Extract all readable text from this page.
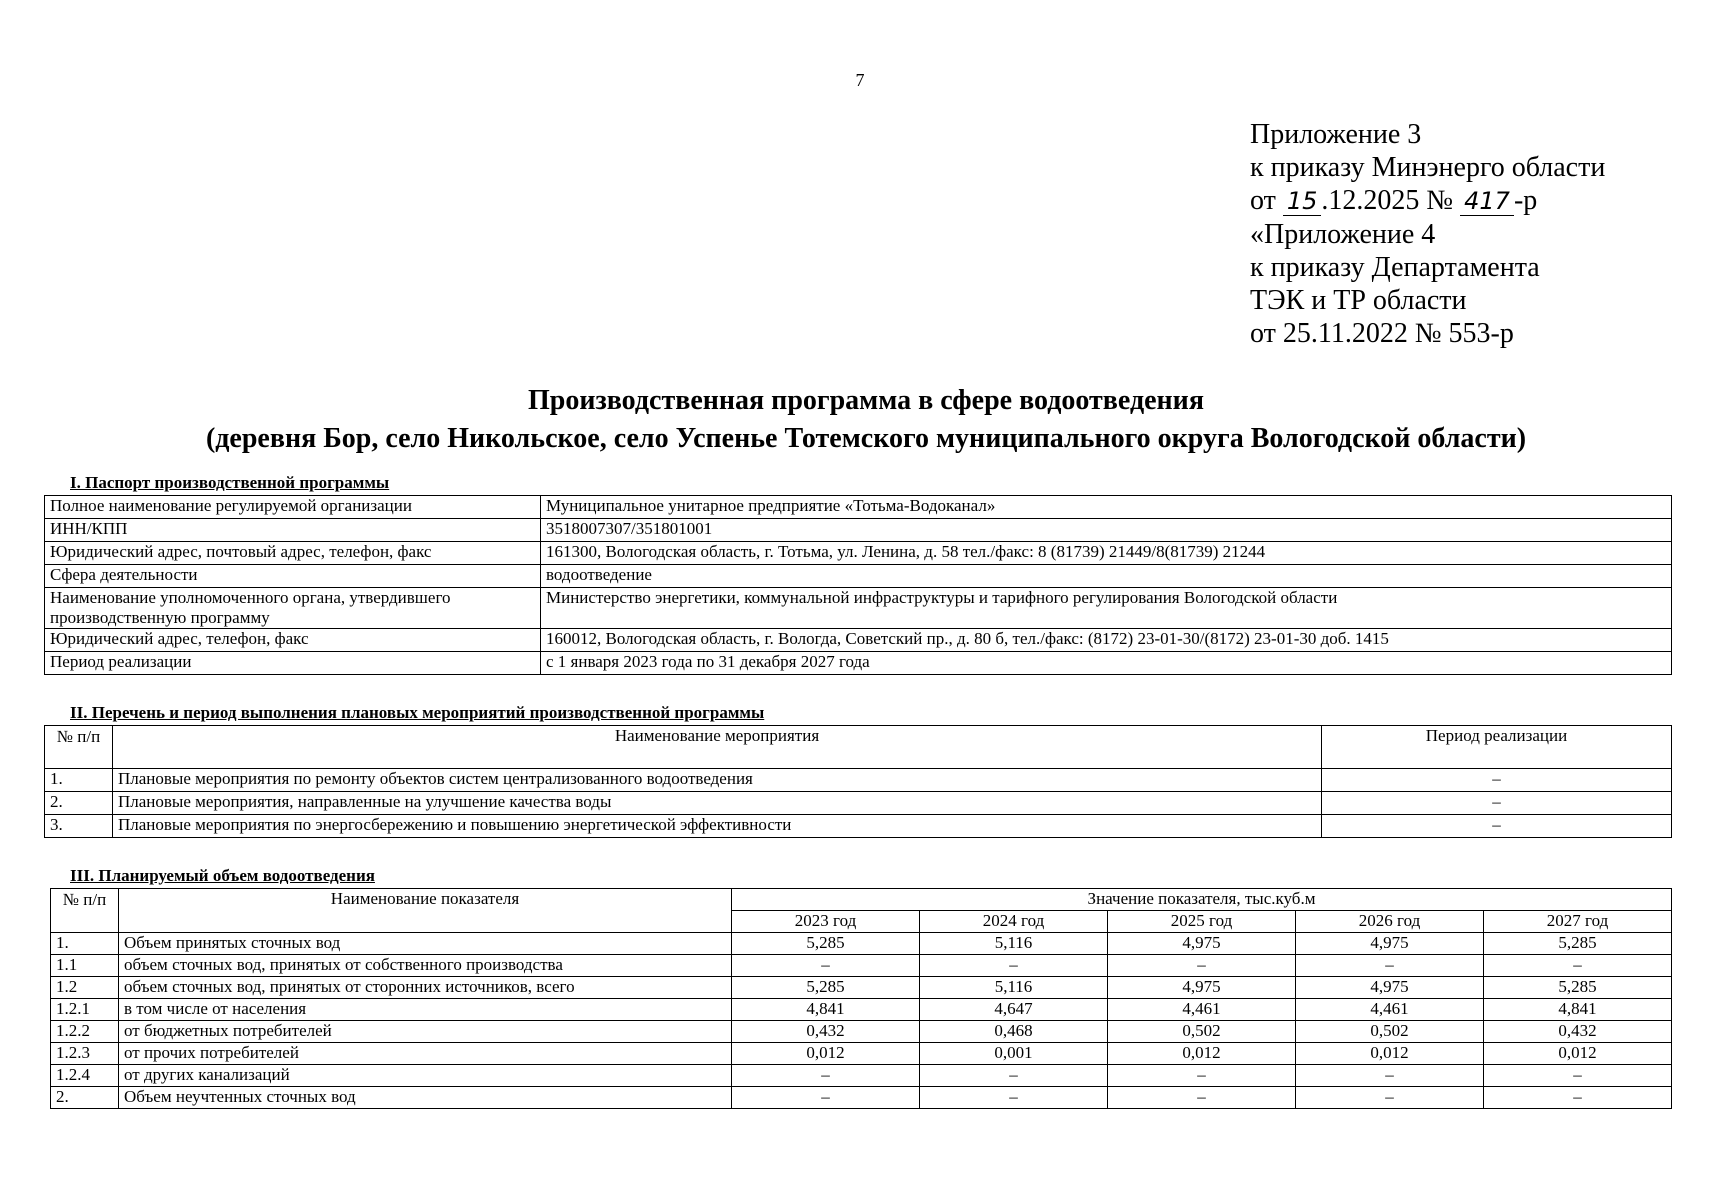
7
Приложение 3
к приказу Минэнерго области
от 15 .12.2025 № 417 -р
«Приложение 4
к приказу Департамента
ТЭК и ТР области
от 25.11.2022 № 553-р
Производственная программа в сфере водоотведения
(деревня Бор, село Никольское, село Успенье Тотемского муниципального округа Вологодской области)
I. Паспорт производственной программы
Полное наименование регулируемой организации	Муниципальное унитарное предприятие «Тотьма-Водоканал»
ИНН/КПП	3518007307/351801001
Юридический адрес, почтовый адрес, телефон, факс	161300, Вологодская область, г. Тотьма, ул. Ленина, д. 58 тел./факс: 8 (81739) 21449/8(81739) 21244
Сфера деятельности	водоотведение
Наименование уполномоченного органа, утвердившего производственную программу	Министерство энергетики, коммунальной инфраструктуры и тарифного регулирования Вологодской области
Юридический адрес, телефон, факс	160012, Вологодская область, г. Вологда, Советский пр., д. 80 б, тел./факс: (8172) 23-01-30/(8172) 23-01-30 доб. 1415
Период реализации	с 1 января 2023 года по 31 декабря 2027 года
II. Перечень и период выполнения плановых мероприятий производственной программы
№ п/п	Наименование мероприятия	Период реализации
1.	Плановые мероприятия по ремонту объектов систем централизованного водоотведения	–
2.	Плановые мероприятия, направленные на улучшение качества воды	–
3.	Плановые мероприятия по энергосбережению и повышению энергетической эффективности	–
III. Планируемый объем водоотведения
№ п/п	Наименование показателя	Значение показателя, тыс.куб.м				
		2023 год	2024 год	2025 год	2026 год	2027 год
1.	Объем принятых сточных вод	5,285	5,116	4,975	4,975	5,285
1.1	объем сточных вод, принятых от собственного производства	–	–	–	–	–
1.2	объем сточных вод, принятых от сторонних источников, всего	5,285	5,116	4,975	4,975	5,285
1.2.1	в том числе от населения	4,841	4,647	4,461	4,461	4,841
1.2.2	от бюджетных потребителей	0,432	0,468	0,502	0,502	0,432
1.2.3	от прочих потребителей	0,012	0,001	0,012	0,012	0,012
1.2.4	от других канализаций	–	–	–	–	–
2.	Объем неучтенных сточных вод	–	–	–	–	–
